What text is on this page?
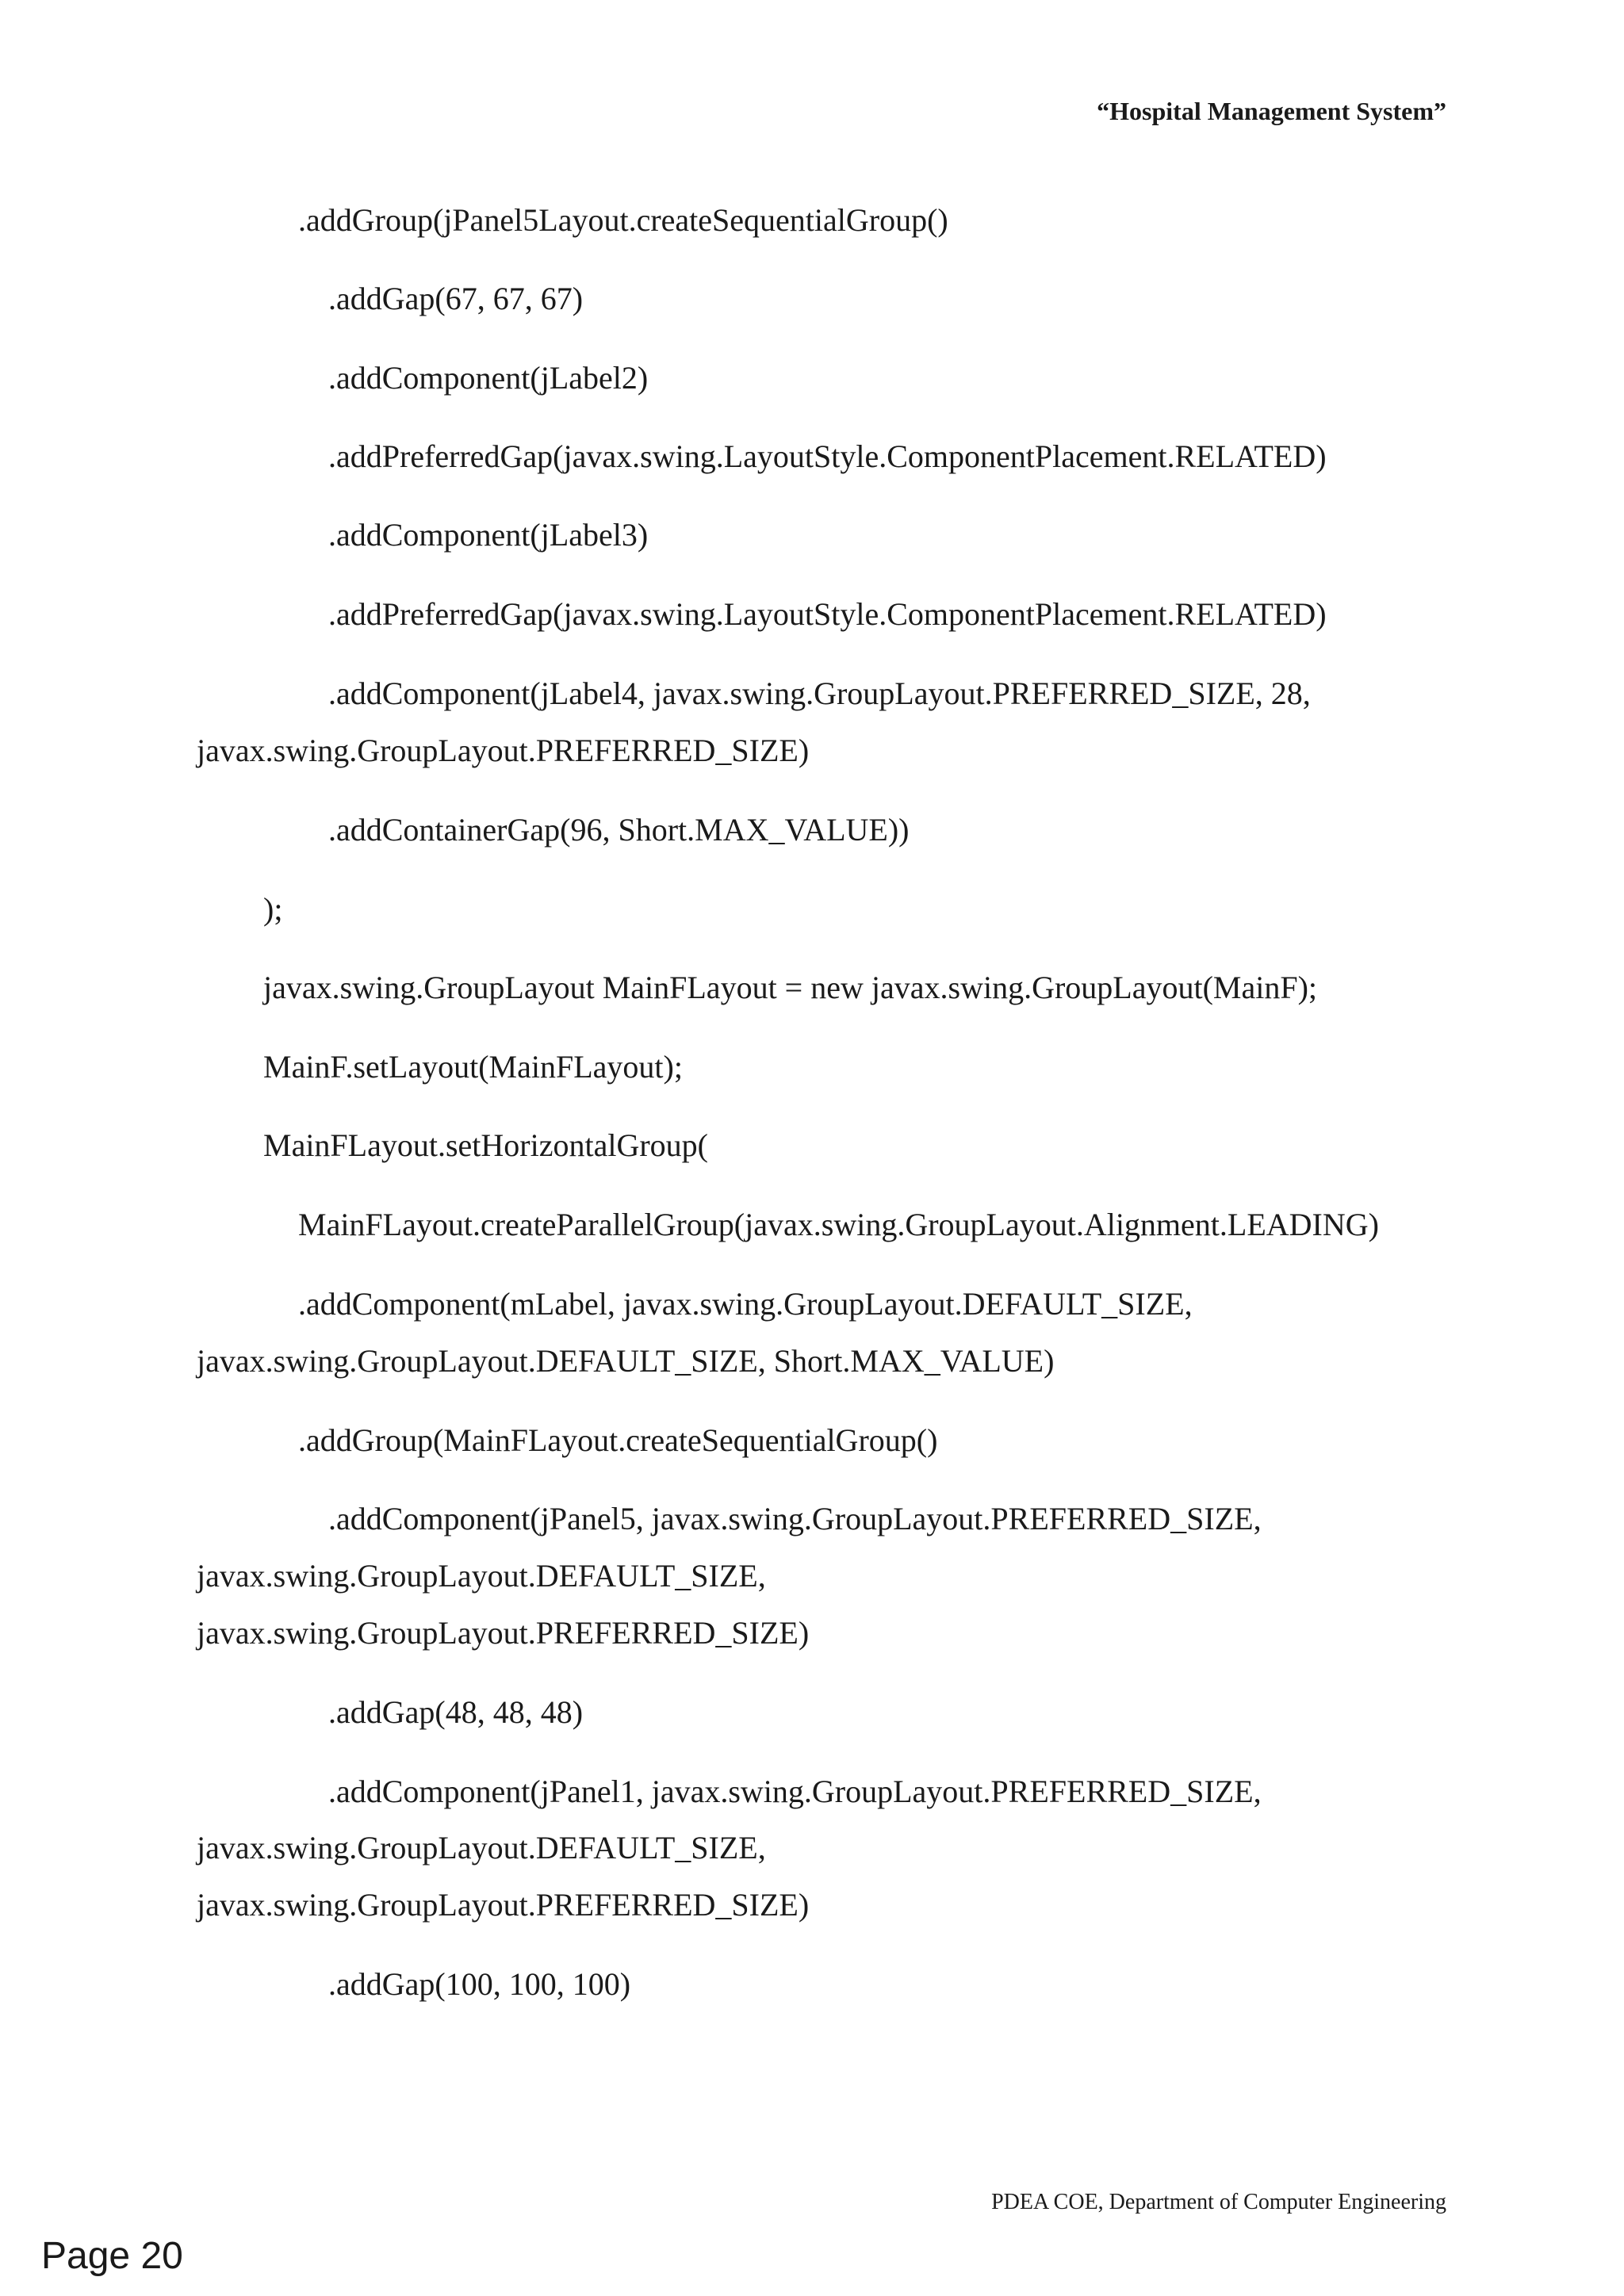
“Hospital Management System”
.addGroup(jPanel5Layout.createSequentialGroup()
.addGap(67, 67, 67)
.addComponent(jLabel2)
.addPreferredGap(javax.swing.LayoutStyle.ComponentPlacement.RELATED)
.addComponent(jLabel3)
.addPreferredGap(javax.swing.LayoutStyle.ComponentPlacement.RELATED)
.addComponent(jLabel4, javax.swing.GroupLayout.PREFERRED_SIZE, 28,
javax.swing.GroupLayout.PREFERRED_SIZE)
.addContainerGap(96, Short.MAX_VALUE))
);
javax.swing.GroupLayout MainFLayout = new javax.swing.GroupLayout(MainF);
MainF.setLayout(MainFLayout);
MainFLayout.setHorizontalGroup(
MainFLayout.createParallelGroup(javax.swing.GroupLayout.Alignment.LEADING)
.addComponent(mLabel, javax.swing.GroupLayout.DEFAULT_SIZE,
javax.swing.GroupLayout.DEFAULT_SIZE, Short.MAX_VALUE)
.addGroup(MainFLayout.createSequentialGroup()
.addComponent(jPanel5, javax.swing.GroupLayout.PREFERRED_SIZE,
javax.swing.GroupLayout.DEFAULT_SIZE,
javax.swing.GroupLayout.PREFERRED_SIZE)
.addGap(48, 48, 48)
.addComponent(jPanel1, javax.swing.GroupLayout.PREFERRED_SIZE,
javax.swing.GroupLayout.DEFAULT_SIZE,
javax.swing.GroupLayout.PREFERRED_SIZE)
.addGap(100, 100, 100)
PDEA COE, Department of Computer Engineering
Page 20
